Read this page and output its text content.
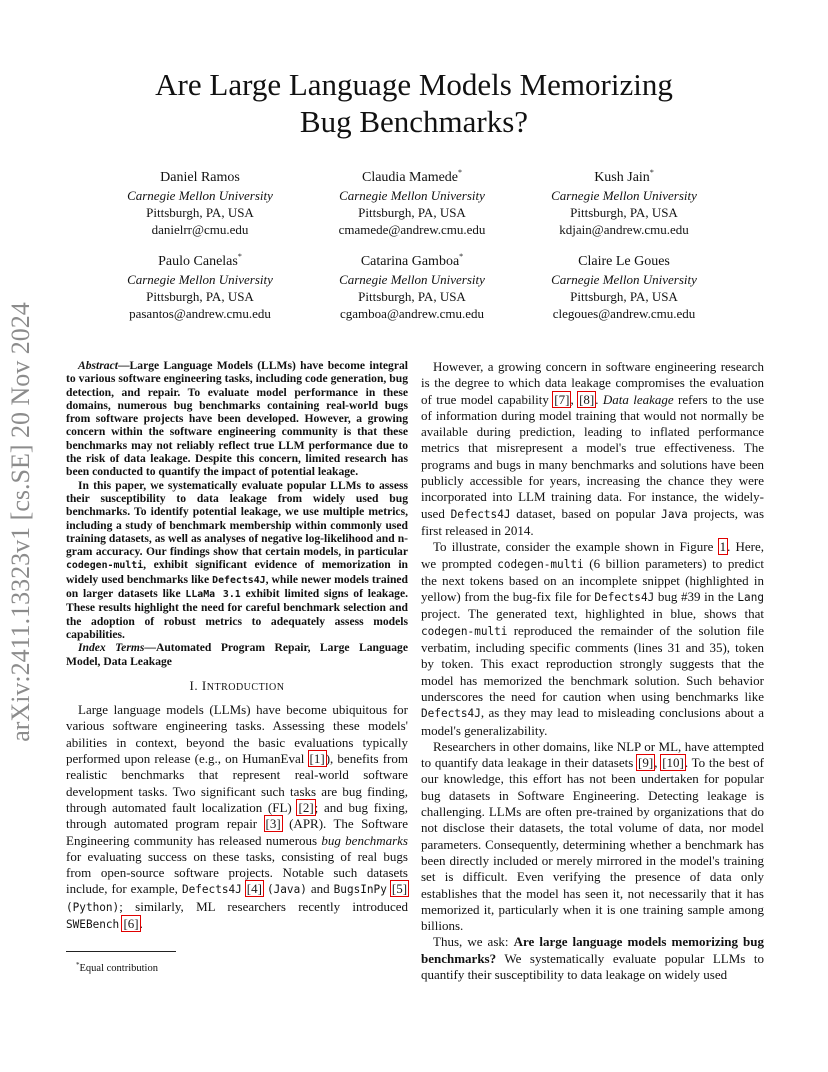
arXiv:2411.13323v1 [cs.SE] 20 Nov 2024
Are Large Language Models Memorizing
Bug Benchmarks?
Daniel Ramos
Carnegie Mellon University
Pittsburgh, PA, USA
danielrr@cmu.edu
Claudia Mamede*
Carnegie Mellon University
Pittsburgh, PA, USA
cmamede@andrew.cmu.edu
Kush Jain*
Carnegie Mellon University
Pittsburgh, PA, USA
kdjain@andrew.cmu.edu
Paulo Canelas*
Carnegie Mellon University
Pittsburgh, PA, USA
pasantos@andrew.cmu.edu
Catarina Gamboa*
Carnegie Mellon University
Pittsburgh, PA, USA
cgamboa@andrew.cmu.edu
Claire Le Goues
Carnegie Mellon University
Pittsburgh, PA, USA
clegoues@andrew.cmu.edu

Abstract—Large Language Models (LLMs) have become integral to various software engineering tasks, including code generation, bug detection, and repair. To evaluate model performance in these domains, numerous bug benchmarks containing real-world bugs from software projects have been developed. However, a growing concern within the software engineering community is that these benchmarks may not reliably reflect true LLM performance due to the risk of data leakage. Despite this concern, limited research has been conducted to quantify the impact of potential leakage.

In this paper, we systematically evaluate popular LLMs to assess their susceptibility to data leakage from widely used bug benchmarks. To identify potential leakage, we use multiple metrics, including a study of benchmark membership within commonly used training datasets, as well as analyses of negative log-likelihood and n-gram accuracy. Our findings show that certain models, in particular codegen-multi, exhibit significant evidence of memorization in widely used benchmarks like Defects4J, while newer models trained on larger datasets like LLaMa 3.1 exhibit limited signs of leakage. These results highlight the need for careful benchmark selection and the adoption of robust metrics to adequately assess models capabilities.

Index Terms—Automated Program Repair, Large Language Model, Data Leakage

I. INTRODUCTION

Large language models (LLMs) have become ubiquitous for various software engineering tasks. Assessing these models' abilities in context, beyond the basic evaluations typically performed upon release (e.g., on HumanEval [1]), benefits from realistic benchmarks that represent real-world software development tasks. Two significant such tasks are bug finding, through automated fault localization (FL) [2]; and bug fixing, through automated program repair [3] (APR). The Software Engineering community has released numerous bug benchmarks for evaluating success on these tasks, consisting of real bugs from open-source software projects. Notable such datasets include, for example, Defects4J [4] (Java) and BugsInPy [5] (Python); similarly, ML researchers recently introduced SWEBench [6].

*Equal contribution

However, a growing concern in software engineering research is the degree to which data leakage compromises the evaluation of true model capability [7], [8]. Data leakage refers to the use of information during model training that would not normally be available during prediction, leading to inflated performance metrics that misrepresent a model's true effectiveness. The programs and bugs in many benchmarks and solutions have been publicly accessible for years, increasing the chance they were incorporated into LLM training data. For instance, the widely-used Defects4J dataset, based on popular Java projects, was first released in 2014.

To illustrate, consider the example shown in Figure 1. Here, we prompted codegen-multi (6 billion parameters) to predict the next tokens based on an incomplete snippet (highlighted in yellow) from the bug-fix file for Defects4J bug #39 in the Lang project. The generated text, highlighted in blue, shows that codegen-multi reproduced the remainder of the solution file verbatim, including specific comments (lines 31 and 35), token by token. This exact reproduction strongly suggests that the model has memorized the benchmark solution. Such behavior underscores the need for caution when using benchmarks like Defects4J, as they may lead to misleading conclusions about a model's generalizability.

Researchers in other domains, like NLP or ML, have attempted to quantify data leakage in their datasets [9], [10]. To the best of our knowledge, this effort has not been undertaken for popular bug datasets in Software Engineering. Detecting leakage is challenging. LLMs are often pre-trained by organizations that do not disclose their datasets, the total volume of data, nor model parameters. Consequently, determining whether a benchmark has been directly included or merely mirrored in the model's training set is difficult. Even verifying the presence of data only establishes that the model has seen it, not necessarily that it has memorized it, particularly when it is one training sample among billions.

Thus, we ask: Are large language models memorizing bug benchmarks? We systematically evaluate popular LLMs to quantify their susceptibility to data leakage on widely used
